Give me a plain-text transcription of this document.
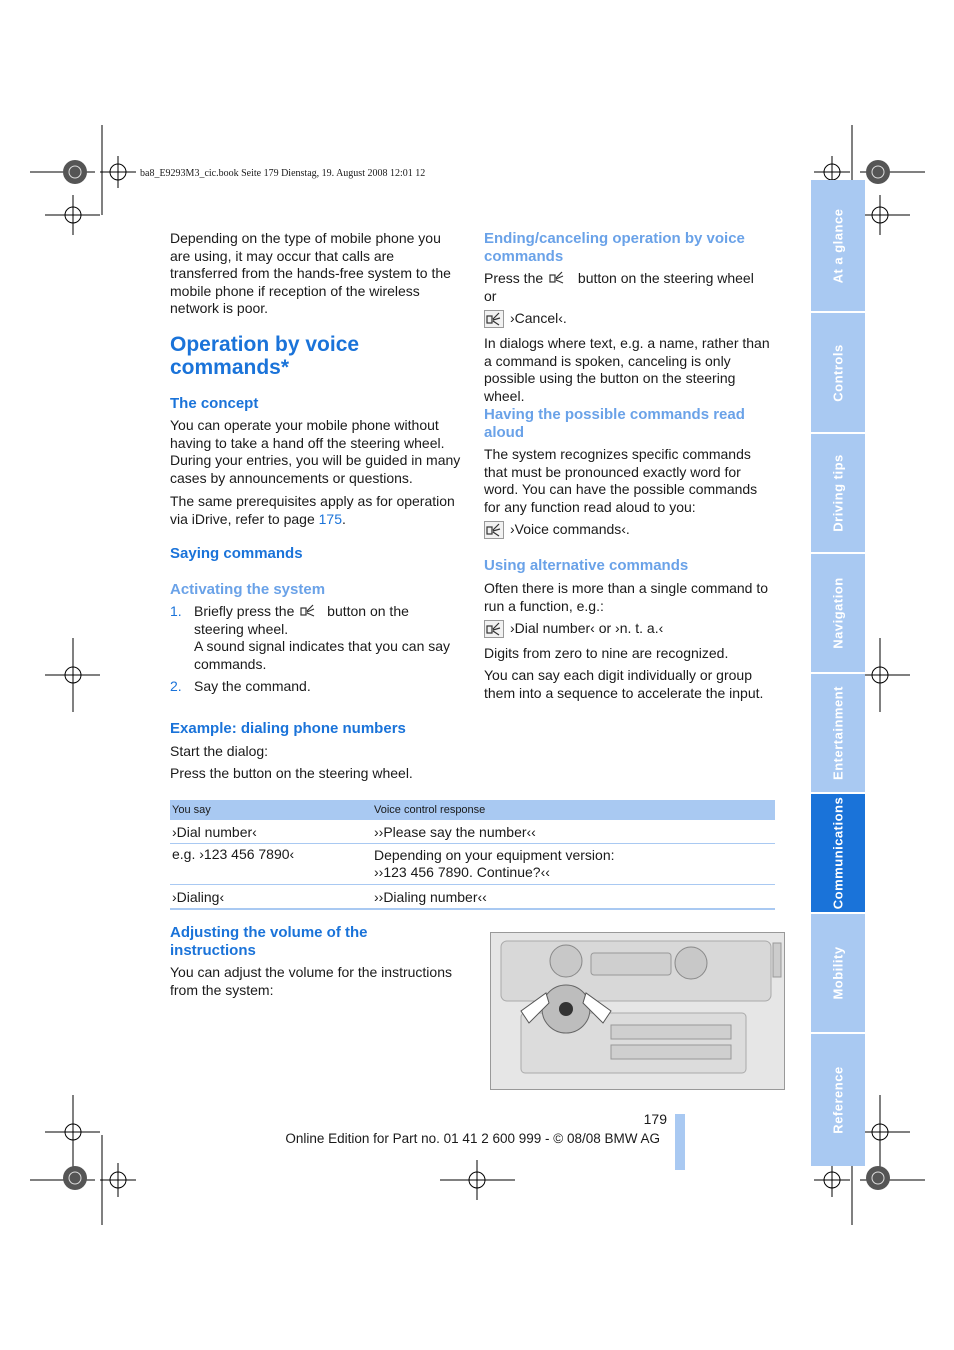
ba8_E9293M3_cic.book Seite 179 Dienstag, 19. August 2008 12:01 12
Depending on the type of mobile phone you are using, it may occur that calls are transferred from the hands-free system to the mobile phone if reception of the wireless network is poor.
Operation by voice commands*
The concept
You can operate your mobile phone without having to take a hand off the steering wheel. During your entries, you will be guided in many cases by announcements or questions.
The same prerequisites apply as for operation via iDrive, refer to page 175.
Saying commands
Activating the system
1. Briefly press the button on the steering wheel.
A sound signal indicates that you can say commands.
2. Say the command.
Example: dialing phone numbers
Start the dialog:
Press the button on the steering wheel.
You say	Voice control response
›Dial number‹	››Please say the number‹‹
e.g. ›123 456 7890‹	Depending on your equipment version:
››123 456 7890. Continue?‹‹
›Dialing‹	››Dialing number‹‹
Adjusting the volume of the instructions
You can adjust the volume for the instructions from the system:
Ending/canceling operation by voice commands
Press the button on the steering wheel
or
›Cancel‹.
In dialogs where text, e.g. a name, rather than a command is spoken, canceling is only possible using the button on the steering wheel.
Having the possible commands read aloud
The system recognizes specific commands that must be pronounced exactly word for word. You can have the possible commands for any function read aloud to you:
›Voice commands‹.
Using alternative commands
Often there is more than a single command to run a function, e.g.:
›Dial number‹ or ›n. t. a.‹
Digits from zero to nine are recognized.
You can say each digit individually or group them into a sequence to accelerate the input.
At a glance
Controls
Driving tips
Navigation
Entertainment
Communications
Mobility
Reference
179
Online Edition for Part no. 01 41 2 600 999 - © 08/08 BMW AG
